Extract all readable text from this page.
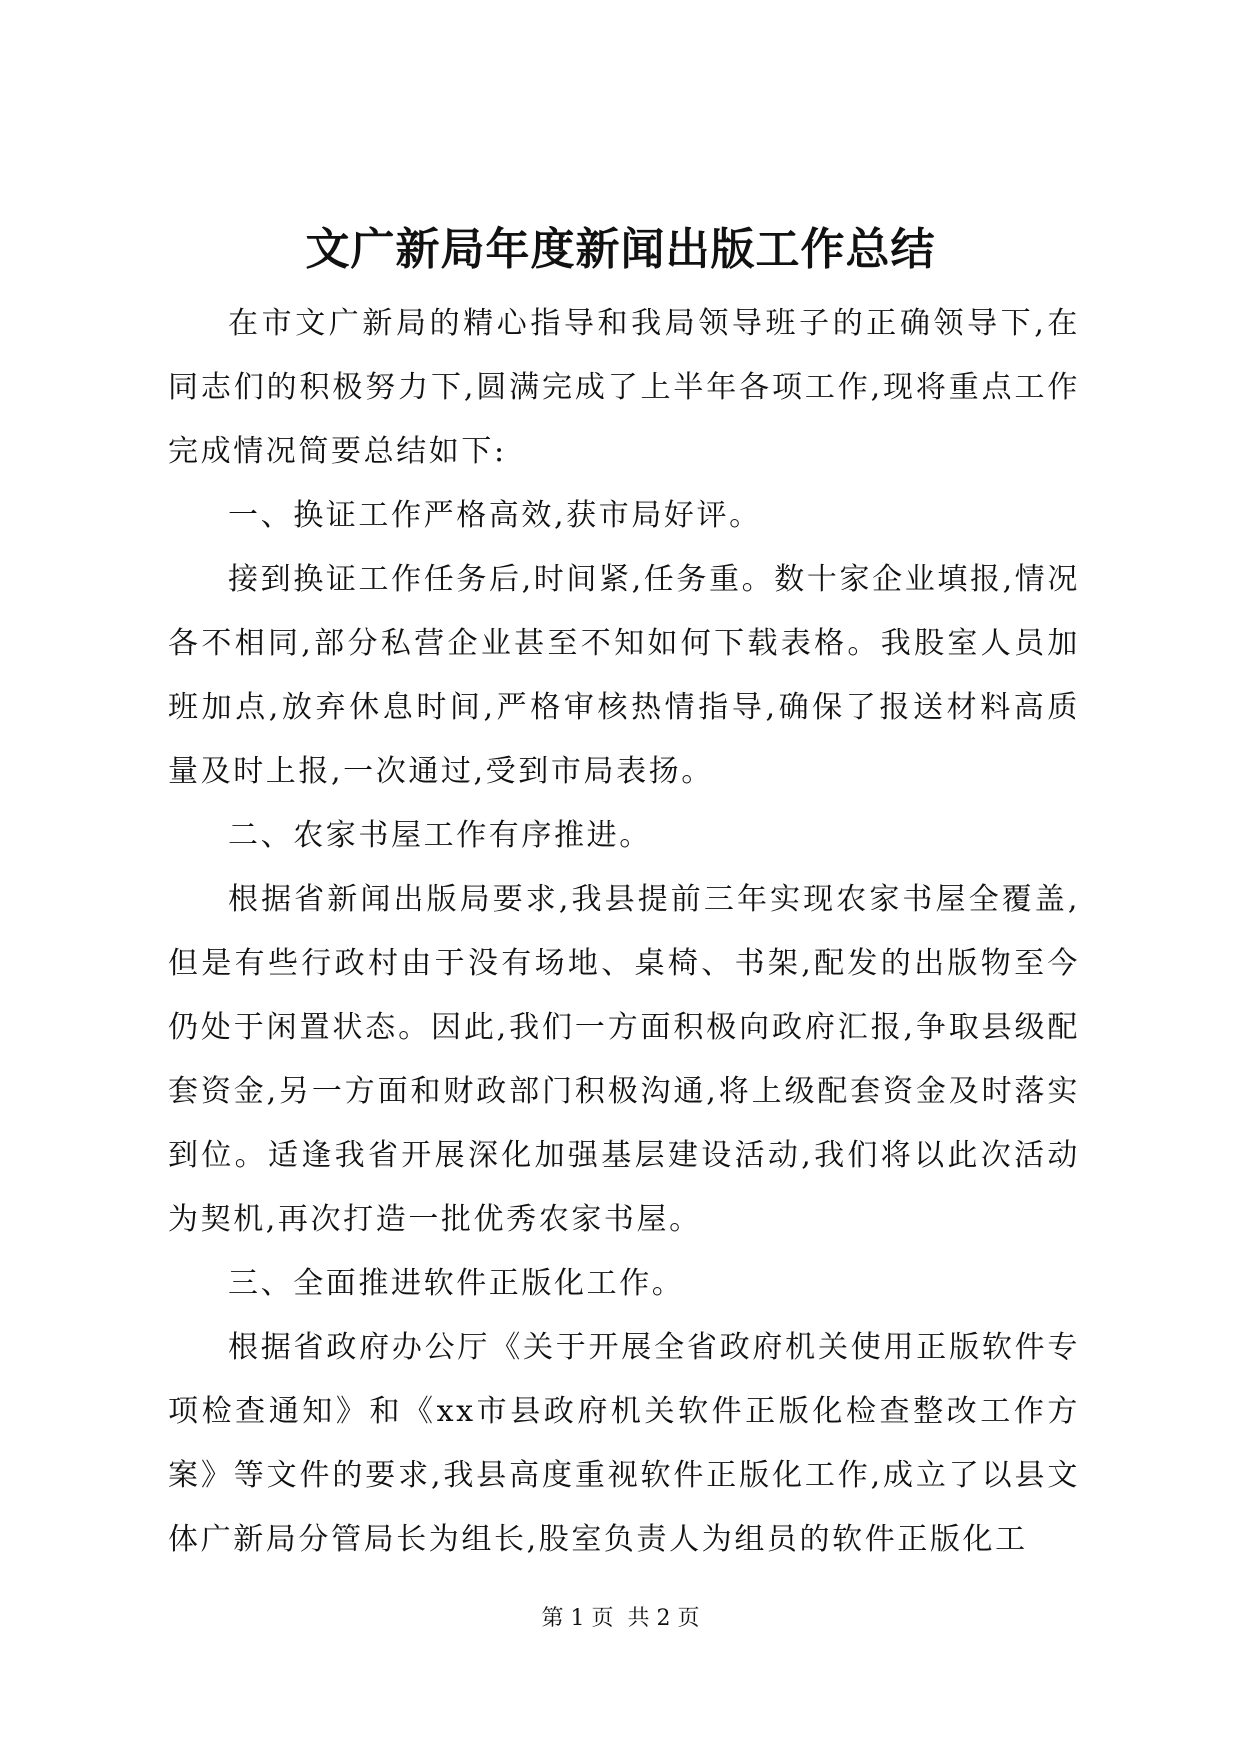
文广新局年度新闻出版工作总结

在市文广新局的精心指导和我局领导班子的正确领导下,在同志们的积极努力下,圆满完成了上半年各项工作,现将重点工作完成情况简要总结如下:

一、换证工作严格高效,获市局好评。

接到换证工作任务后,时间紧,任务重。数十家企业填报,情况各不相同,部分私营企业甚至不知如何下载表格。我股室人员加班加点,放弃休息时间,严格审核热情指导,确保了报送材料高质量及时上报,一次通过,受到市局表扬。

二、农家书屋工作有序推进。

根据省新闻出版局要求,我县提前三年实现农家书屋全覆盖,但是有些行政村由于没有场地、桌椅、书架,配发的出版物至今仍处于闲置状态。因此,我们一方面积极向政府汇报,争取县级配套资金,另一方面和财政部门积极沟通,将上级配套资金及时落实到位。适逢我省开展深化加强基层建设活动,我们将以此次活动为契机,再次打造一批优秀农家书屋。

三、全面推进软件正版化工作。

根据省政府办公厅《关于开展全省政府机关使用正版软件专项检查通知》和《xx市县政府机关软件正版化检查整改工作方案》等文件的要求,我县高度重视软件正版化工作,成立了以县文体广新局分管局长为组长,股室负责人为组员的软件正版化工

第 1 页  共 2 页
